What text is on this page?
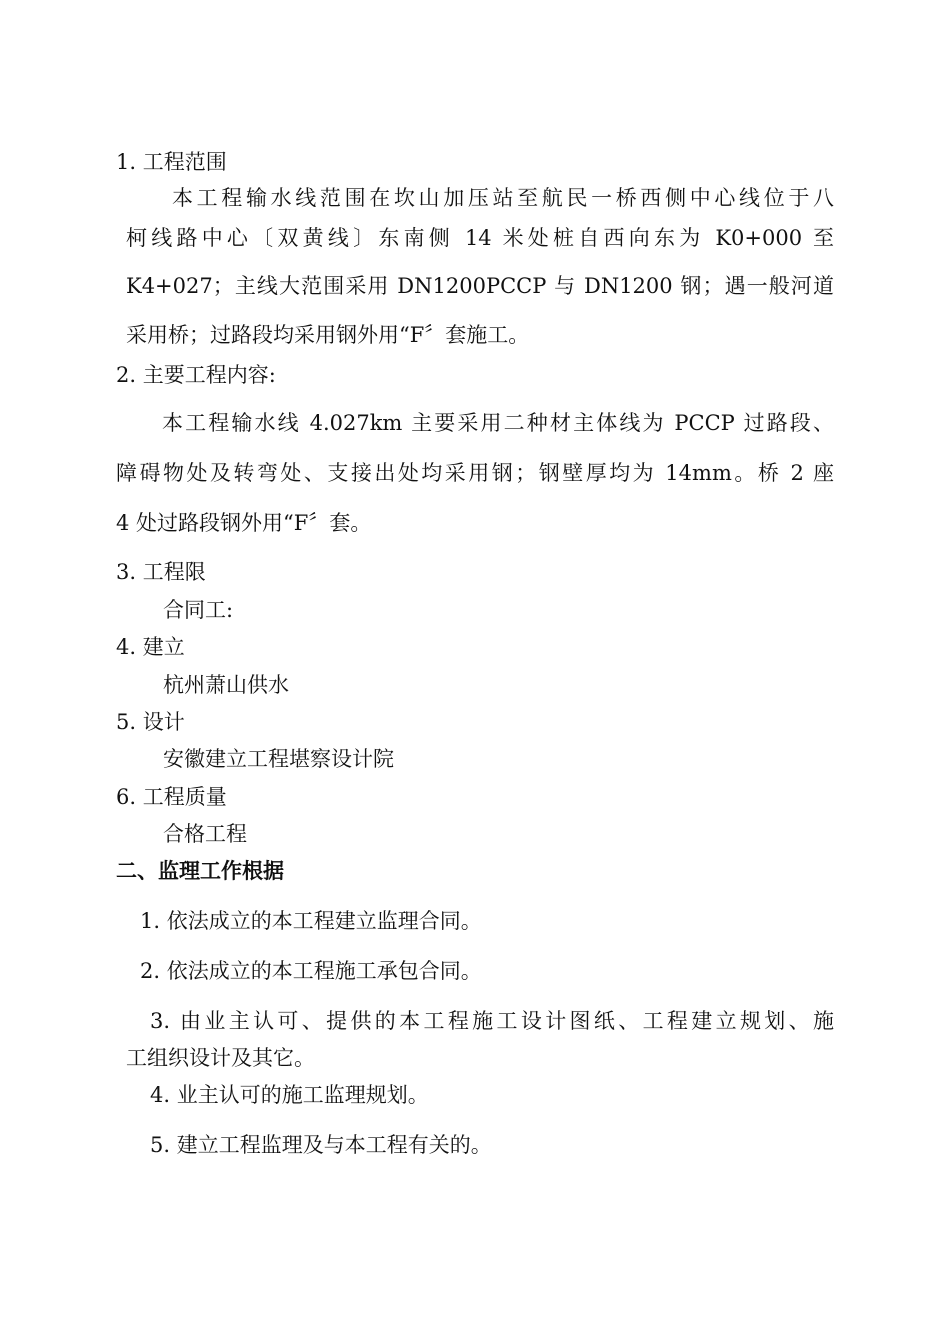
1. 工程范围
本工程输水线范围在坎山加压站至航民一桥西侧中心线位于八
柯线路中心〔双黄线〕东南侧 14 米处桩自西向东为 K0+000 至
K4+027；主线大范围采用 DN1200PCCP 与 DN1200 钢；遇一般河道
采用桥；过路段均采用钢外用“F〞套施工。
2. 主要工程内容:
本工程输水线 4.027km 主要采用二种材主体线为 PCCP 过路段、
障碍物处及转弯处、支接出处均采用钢；钢壁厚均为 14mm。桥 2 座
4 处过路段钢外用“F〞套。
3. 工程限
合同工:
4. 建立
杭州萧山供水
5. 设计
安徽建立工程堪察设计院
6. 工程质量
合格工程
二、监理工作根据
1. 依法成立的本工程建立监理合同。
2. 依法成立的本工程施工承包合同。
3. 由业主认可、提供的本工程施工设计图纸、工程建立规划、施
工组织设计及其它。
4. 业主认可的施工监理规划。
5. 建立工程监理及与本工程有关的。
